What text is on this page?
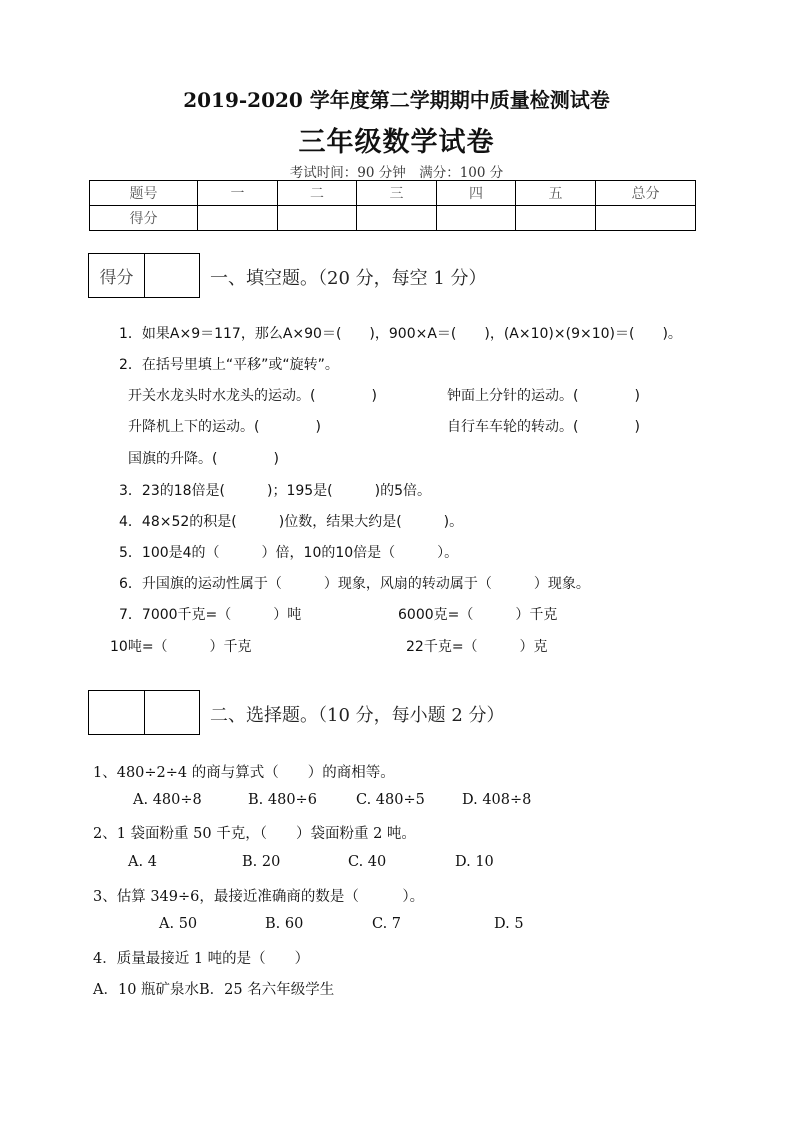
2019-2020 学年度第二学期期中质量检测试卷
三年级数学试卷
考试时间：90 分钟　满分：100 分
题号	一	二	三	四	五	总分
得分						
得分	一、填空题。（20 分，每空 1 分）
1．如果A×9＝117，那么A×90＝(　　)，900×A＝(　　)，(A×10)×(9×10)＝(　　)。
2．在括号里填上“平移”或“旋转”。
开关水龙头时水龙头的运动。(　　　　)	钟面上分针的运动。(　　　　)
升降机上下的运动。(　　　　)	自行车车轮的转动。(　　　　)
国旗的升降。(　　　　)
3．23的18倍是(　　　)；195是(　　　)的5倍。
4．48×52的积是(　　　)位数，结果大约是(　　　)。
5．100是4的（　　　）倍，10的10倍是（　　　）。
6．升国旗的运动性属于（　　　）现象，风扇的转动属于（　　　）现象。
7．7000千克=（　　　）吨	6000克=（　　　）千克
10吨=（　　　）千克	22千克=（　　　）克
二、选择题。（10 分，每小题 2 分）
1、480÷2÷4 的商与算式（　　）的商相等。
A. 480÷8	B. 480÷6	C. 480÷5	D. 408÷8
2、1 袋面粉重 50 千克，（　　）袋面粉重 2 吨。
A. 4	B. 20	C. 40	D. 10
3、估算 349÷6，最接近准确商的数是（　　　）。
A. 50	B. 60	C. 7	D. 5
4．质量最接近 1 吨的是（　　）
A．10 瓶矿泉水B．25 名六年级学生
